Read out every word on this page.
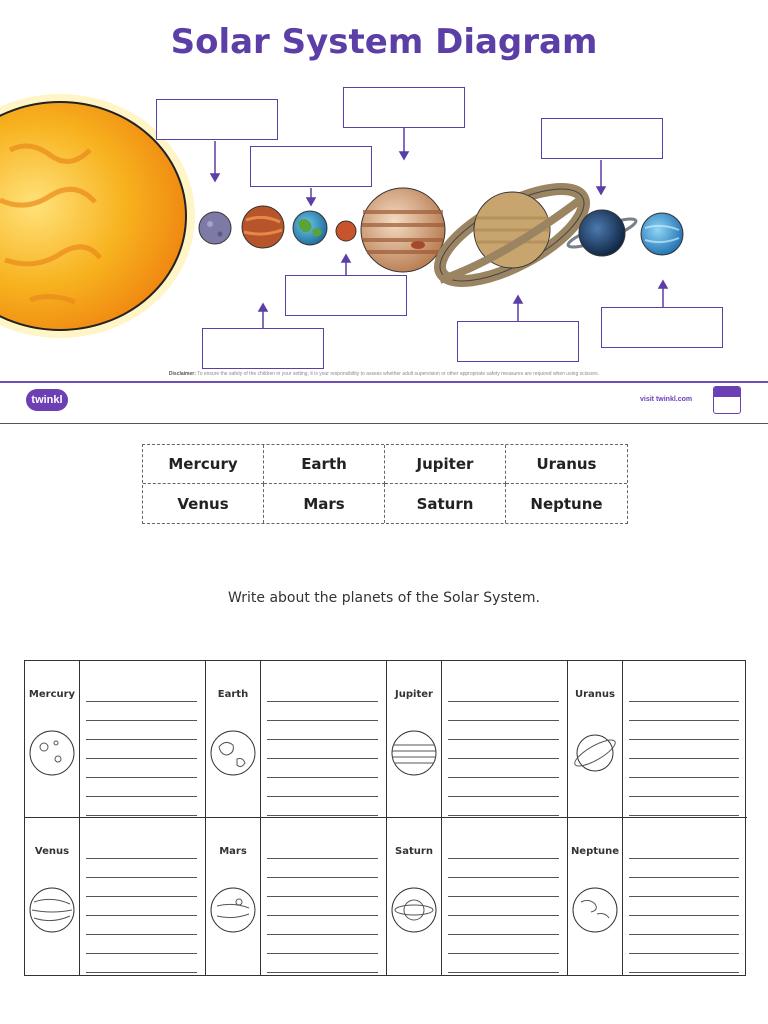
Solar System Diagram
Disclaimer: To ensure the safety of the children in your setting, it is your responsibility to assess whether adult supervision or other appropriate safety measures are required when using scissors.
twinkl	visit twinkl.com
Mercury	Earth	Jupiter	Uranus
Venus	Mars	Saturn	Neptune
Write about the planets of the Solar System.
Mercury	Earth	Jupiter	Uranus
Venus	Mars	Saturn	Neptune
